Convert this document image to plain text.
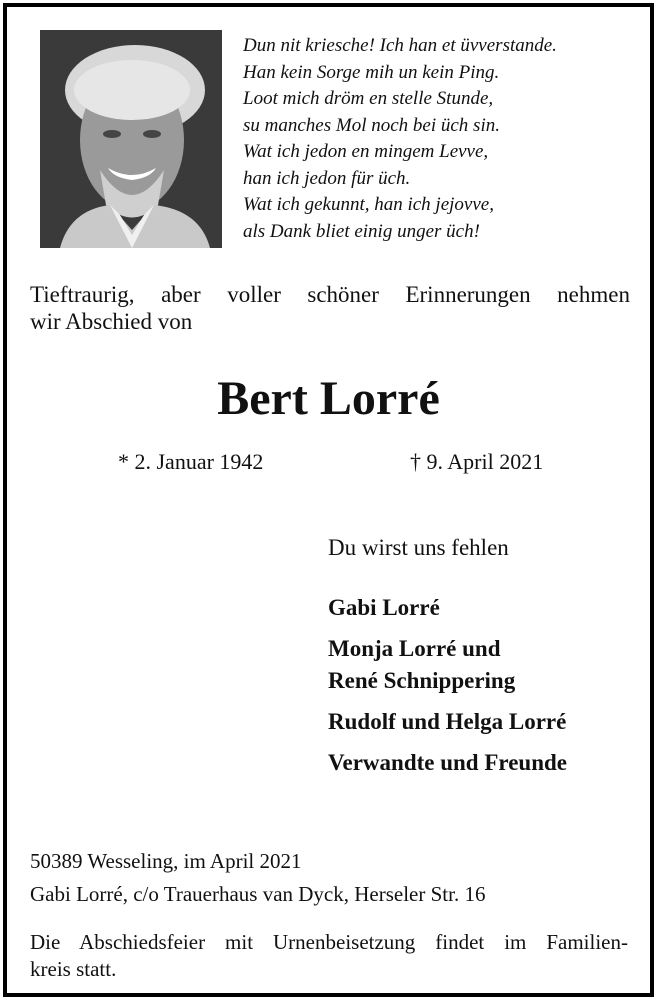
Dun nit kriesche! Ich han et üvverstande.
Han kein Sorge mih un kein Ping.
Loot mich dröm en stelle Stunde,
su manches Mol noch bei üch sin.
Wat ich jedon en mingem Levve,
han ich jedon für üch.
Wat ich gekunnt, han ich jejovve,
als Dank bliet einig unger üch!
Tieftraurig, aber voller schöner Erinnerungen nehmen
wir Abschied von
Bert Lorré
* 2. Januar 1942	† 9. April 2021
Du wirst uns fehlen
Gabi Lorré
Monja Lorré und
René Schnippering
Rudolf und Helga Lorré
Verwandte und Freunde
50389 Wesseling, im April 2021
Gabi Lorré, c/o Trauerhaus van Dyck, Herseler Str. 16
Die Abschiedsfeier mit Urnenbeisetzung findet im Familien-
kreis statt.
